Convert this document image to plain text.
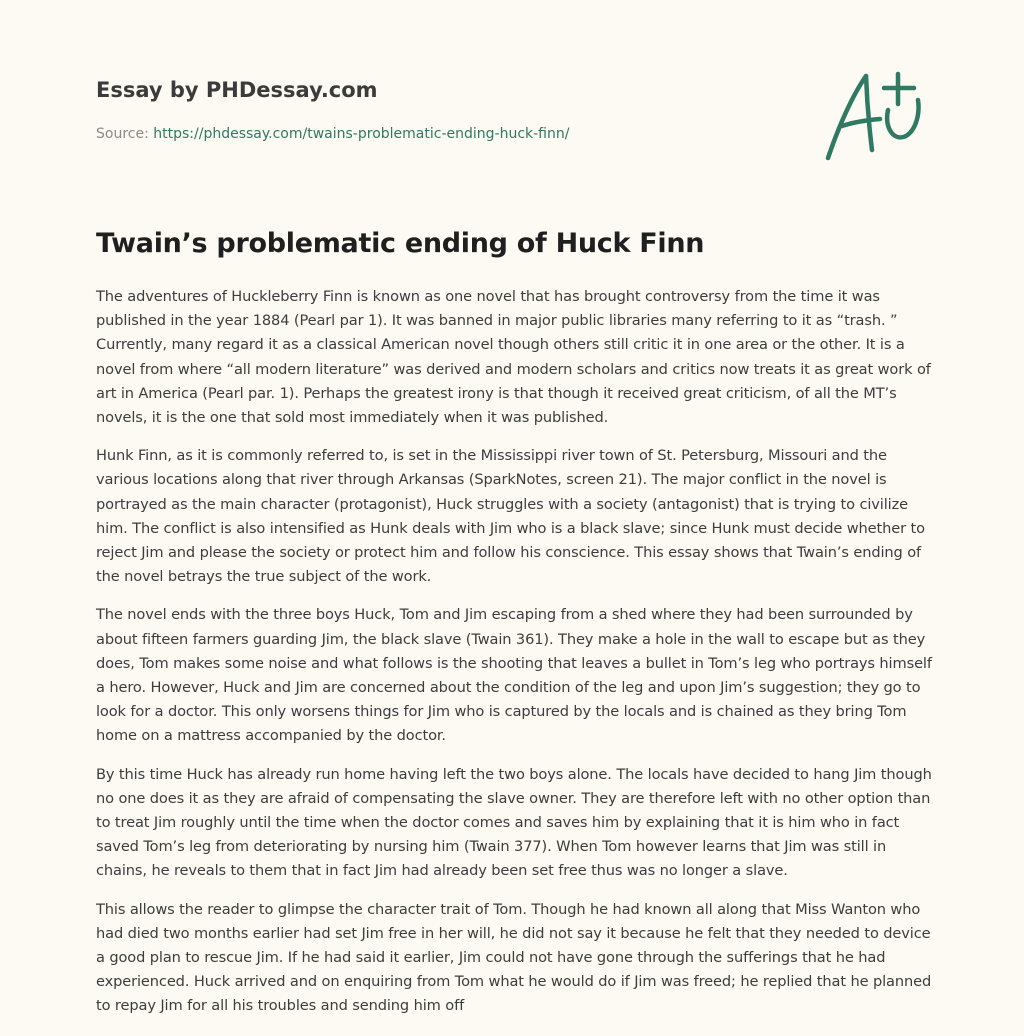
Essay by PHDessay.com
Source: https://phdessay.com/twains-problematic-ending-huck-finn/
Twain’s problematic ending of Huck Finn

The adventures of Huckleberry Finn is known as one novel that has brought controversy from the time it was published in the year 1884 (Pearl par 1). It was banned in major public libraries many referring to it as “trash. ” Currently, many regard it as a classical American novel though others still critic it in one area or the other. It is a novel from where “all modern literature” was derived and modern scholars and critics now treats it as great work of art in America (Pearl par. 1). Perhaps the greatest irony is that though it received great criticism, of all the MT’s novels, it is the one that sold most immediately when it was published.

Hunk Finn, as it is commonly referred to, is set in the Mississippi river town of St. Petersburg, Missouri and the various locations along that river through Arkansas (SparkNotes, screen 21). The major conflict in the novel is portrayed as the main character (protagonist), Huck struggles with a society (antagonist) that is trying to civilize him. The conflict is also intensified as Hunk deals with Jim who is a black slave; since Hunk must decide whether to reject Jim and please the society or protect him and follow his conscience. This essay shows that Twain’s ending of the novel betrays the true subject of the work.

The novel ends with the three boys Huck, Tom and Jim escaping from a shed where they had been surrounded by about fifteen farmers guarding Jim, the black slave (Twain 361). They make a hole in the wall to escape but as they does, Tom makes some noise and what follows is the shooting that leaves a bullet in Tom’s leg who portrays himself a hero. However, Huck and Jim are concerned about the condition of the leg and upon Jim’s suggestion; they go to look for a doctor. This only worsens things for Jim who is captured by the locals and is chained as they bring Tom home on a mattress accompanied by the doctor.

By this time Huck has already run home having left the two boys alone. The locals have decided to hang Jim though no one does it as they are afraid of compensating the slave owner. They are therefore left with no other option than to treat Jim roughly until the time when the doctor comes and saves him by explaining that it is him who in fact saved Tom’s leg from deteriorating by nursing him (Twain 377). When Tom however learns that Jim was still in chains, he reveals to them that in fact Jim had already been set free thus was no longer a slave.

This allows the reader to glimpse the character trait of Tom. Though he had known all along that Miss Wanton who had died two months earlier had set Jim free in her will, he did not say it because he felt that they needed to device a good plan to rescue Jim. If he had said it earlier, Jim could not have gone through the sufferings that he had experienced. Huck arrived and on enquiring from Tom what he would do if Jim was freed; he replied that he planned to repay Jim for all his troubles and sending him off
